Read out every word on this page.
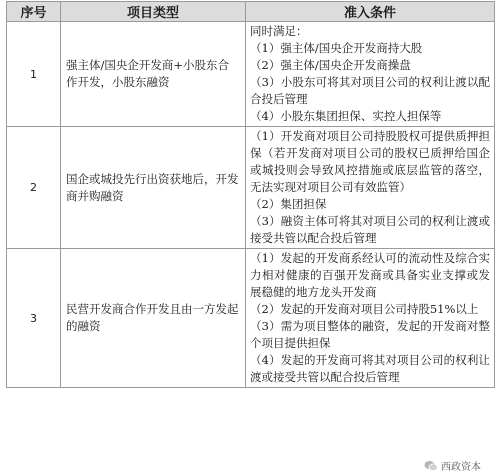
序号	项目类型	准入条件
1	强主体/国央企开发商+小股东合作开发，小股东融资	同时满足：
（1）强主体/国央企开发商持大股
（2）强主体/国央企开发商操盘
（3）小股东可将其对项目公司的权利让渡以配合投后管理
（4）小股东集团担保、实控人担保等

2	国企或城投先行出资获地后，开发商并购融资	（1）开发商对项目公司持股股权可提供质押担保（若开发商对项目公司的股权已质押给国企或城投则会导致风控措施或底层监管的落空，无法实现对项目公司有效监管）
（2）集团担保
（3）融资主体可将其对项目公司的权利让渡或接受共管以配合投后管理

3	民营开发商合作开发且由一方发起的融资	（1）发起的开发商系经认可的流动性及综合实力相对健康的百强开发商或具备实业支撑或发展稳健的地方龙头开发商
（2）发起的开发商对项目公司持股51%以上
（3）需为项目整体的融资，发起的开发商对整个项目提供担保
（4）发起的开发商可将其对项目公司的权利让渡或接受共管以配合投后管理
西政资本
